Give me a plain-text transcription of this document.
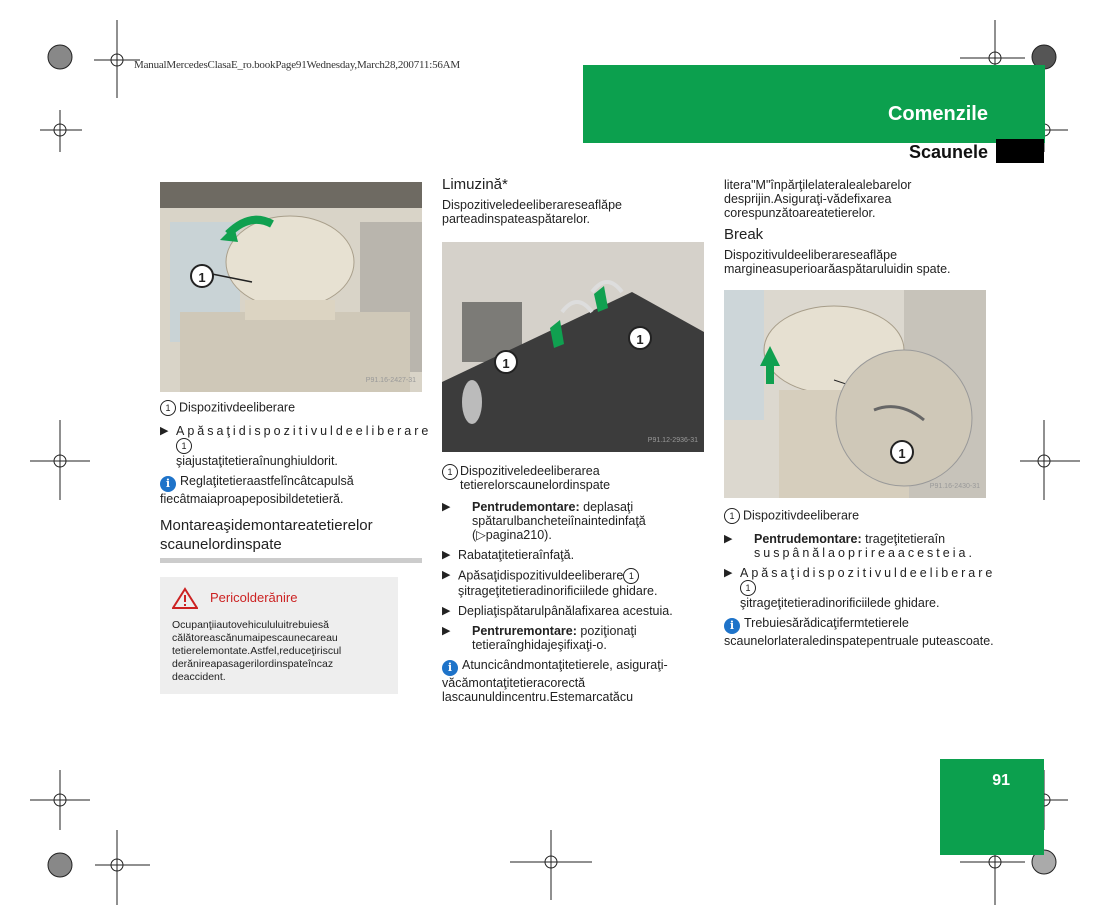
ManualMercedesClasaE_ro.bookPage91Wednesday,March28,200711:56AM
Comenzile
Scaunele
91
1
P91.16-2427-31
1 Dispozitivdeeliberare
▶ Apăsaţidispozitivuldeeliberare1
şiajustaţitetieraînunghiuldorit.
i Reglaţitetieraastfelîncâtcapulsă fiecâtmaiaproapeposibildetetieră.
Montareaşidemontareatetierelor scaunelordinspate
Pericolderănire
Ocupanţiiautovehicululuitrebuiesă călătoreascănumaipescaunecareau tetierelemontate.Astfel,reduceţiriscul derănireapasagerilordinspateîncaz deaccident.
Limuzină*

Dispozitiveledeeliberareseaflăpe parteadinspateaspătarelor.

1
1
P91.12-2936-31
1 Dispozitiveledeeliberarea tetierelorscaunelordinspate
▶ Pentrudemontare: deplasaţi spătarulbancheteiînaintedinfaţă (▷pagina210).
▶ Rabataţitetieraînfaţă.
▶ Apăsaţidispozitivuldeeliberare 1
şitrageţitetieradinorificiilede ghidare.
▶ Depliaţispătarulpânălafixarea acestuia.
▶ Pentruremontare: poziţionaţi tetieraînghidajeşifixaţi-o.
i Atuncicândmontaţitetierele, asiguraţi-văcămontaţitetieracorectă lascaunuldincentru.Estemarcatăcu

litera"M"înpărţilelateralealebarelor desprijin.Asiguraţi-vădefixarea corespunzătoareatetierelor.

Break

Dispozitivuldeeliberareseaflăpe margineasuperioarăaspătaruluidin spate.

1
P91.16-2430-31
1 Dispozitivdeeliberare
▶ Pentrudemontare: trageţitetieraîn
suspânălaoprireaacesteia.
▶ Apăsaţidispozitivuldeeliberare1
şitrageţitetieradinorificiilede ghidare.
i Trebuiesărădicaţifermtetierele scaunelorlateraledinspatepentruale puteascoate.
